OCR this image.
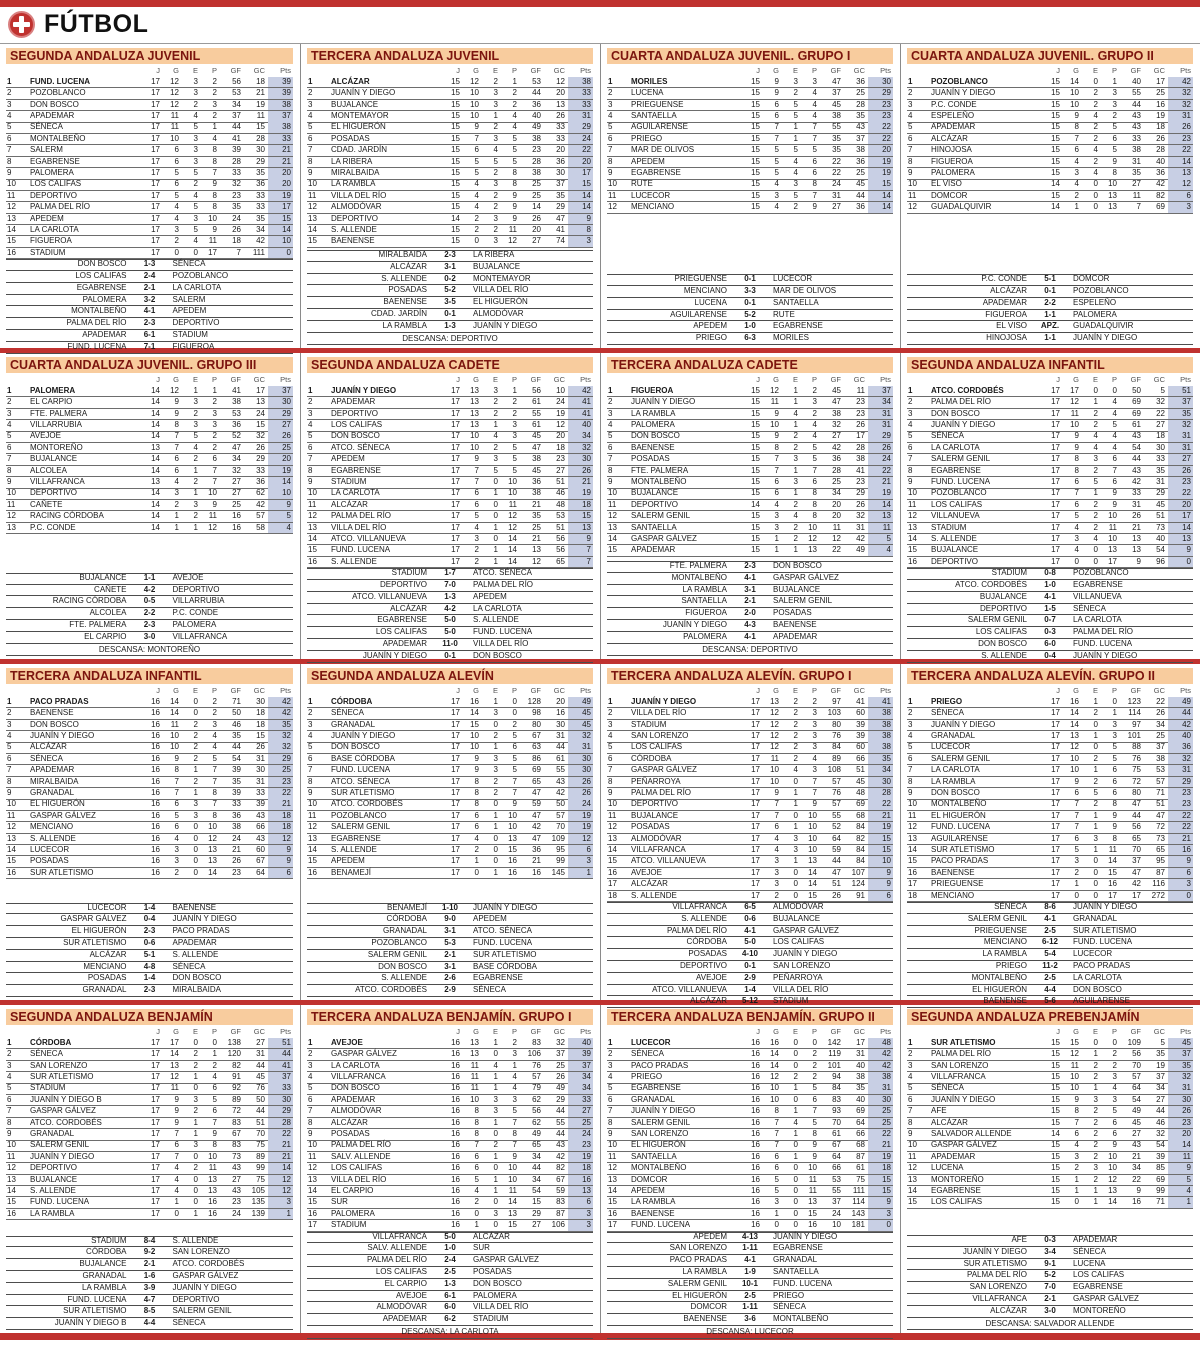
FÚTBOL
SEGUNDA ANDALUZA JUVENIL
J	G	E	P	GF	GC	Pts
1	FUND. LUCENA	17	12	3	2	56	18	39
2	POZOBLANCO	17	12	3	2	53	21	39
3	DON BOSCO	17	12	2	3	34	19	38
4	APADEMAR	17	11	4	2	37	11	37
5	SÉNECA	17	11	5	1	44	15	38
6	MONTALBEÑO	17	10	3	4	41	28	33
7	SALERM	17	6	3	8	39	30	21
8	EGABRENSE	17	6	3	8	28	29	21
9	PALOMERA	17	5	5	7	33	35	20
10	LOS CALIFAS	17	6	2	9	32	36	20
11	DEPORTIVO	17	5	4	8	23	33	19
12	PALMA DEL RÍO	17	4	5	8	35	33	17
13	APEDEM	17	4	3	10	24	35	15
14	LA CARLOTA	17	3	5	9	26	34	14
15	FIGUEROA	17	2	4	11	18	42	10
16	STADIUM	17	0	0	17	7	111	0
DON BOSCO	1-3	SÉNECA
LOS CALIFAS	2-4	POZOBLANCO
EGABRENSE	2-1	LA CARLOTA
PALOMERA	3-2	SALERM
MONTALBEÑO	4-1	APEDEM
PALMA DEL RÍO	2-3	DEPORTIVO
APADEMAR	6-1	STADIUM
FUND. LUCENA	7-1	FIGUEROA
TERCERA ANDALUZA JUVENIL
J	G	E	P	GF	GC	Pts
1	ALCÁZAR	15	12	2	1	53	12	38
2	JUANÍN Y DIEGO	15	10	3	2	44	20	33
3	BUJALANCE	15	10	3	2	36	13	33
4	MONTEMAYOR	15	10	1	4	40	26	31
5	EL HIGUERÓN	15	9	2	4	49	33	29
6	POSADAS	15	7	3	5	38	33	24
7	CDAD. JARDÍN	15	6	4	5	23	20	22
8	LA RIBERA	15	5	5	5	28	36	20
9	MIRALBAIDA	15	5	2	8	38	30	17
10	LA RAMBLA	15	4	3	8	25	37	15
11	VILLA DEL RÍO	15	4	2	9	25	35	14
12	ALMODÓVAR	15	4	2	9	14	29	14
13	DEPORTIVO	14	2	3	9	26	47	9
14	S. ALLENDE	15	2	2	11	20	41	8
15	BAENENSE	15	0	3	12	27	74	3
MIRALBAIDA	2-3	LA RIBERA
ALCÁZAR	3-1	BUJALANCE
S. ALLENDE	0-2	MONTEMAYOR
POSADAS	5-2	VILLA DEL RÍO
BAENENSE	3-5	EL HIGUERÓN
CDAD. JARDÍN	0-1	ALMODÓVAR
LA RAMBLA	1-3	JUANÍN Y DIEGO
DESCANSA: DEPORTIVO
CUARTA ANDALUZA JUVENIL. GRUPO I
J	G	E	P	GF	GC	Pts
1	MORILES	15	9	3	3	47	36	30
2	LUCENA	15	9	2	4	37	25	29
3	PRIEGUENSE	15	6	5	4	45	28	23
4	SANTAELLA	15	6	5	4	38	35	23
5	AGUILARENSE	15	7	1	7	55	43	22
6	PRIEGO	15	7	1	7	35	37	22
7	MAR DE OLIVOS	15	5	5	5	35	38	20
8	APEDEM	15	5	4	6	22	36	19
9	EGABRENSE	15	5	4	6	22	25	19
10	RUTE	15	4	3	8	24	45	15
11	LUCECOR	15	3	5	7	31	44	14
12	MENCIANO	15	4	2	9	27	36	14
PRIEGUENSE	0-1	LUCECOR
MENCIANO	3-3	MAR DE OLIVOS
LUCENA	0-1	SANTAELLA
AGUILARENSE	5-2	RUTE
APEDEM	1-0	EGABRENSE
PRIEGO	6-3	MORILES
CUARTA ANDALUZA JUVENIL. GRUPO II
J	G	E	P	GF	GC	Pts
1	POZOBLANCO	15	14	0	1	40	17	42
2	JUANÍN Y DIEGO	15	10	2	3	55	25	32
3	P.C. CONDE	15	10	2	3	44	16	32
4	ESPELEÑO	15	9	4	2	43	19	31
5	APADEMAR	15	8	2	5	43	18	26
6	ALCÁZAR	15	7	2	6	33	26	23
7	HINOJOSA	15	6	4	5	38	28	22
8	FIGUEROA	15	4	2	9	31	40	14
9	PALOMERA	15	3	4	8	35	36	13
10	EL VISO	14	4	0	10	27	42	12
11	DOMCOR	15	2	0	13	11	82	6
12	GUADALQUIVIR	14	1	0	13	7	69	3
P.C. CONDE	5-1	DOMCOR
ALCÁZAR	0-1	POZOBLANCO
APADEMAR	2-2	ESPELEÑO
FIGUEROA	1-1	PALOMERA
EL VISO	APZ.	GUADALQUIVIR
HINOJOSA	1-1	JUANÍN Y DIEGO
CUARTA ANDALUZA JUVENIL. GRUPO III
J	G	E	P	GF	GC	Pts
1	PALOMERA	14	12	1	1	41	17	37
2	EL CARPIO	14	9	3	2	38	13	30
3	FTE. PALMERA	14	9	2	3	53	24	29
4	VILLARRUBIA	14	8	3	3	36	15	27
5	AVEJOE	14	7	5	2	52	32	26
6	MONTOREÑO	13	7	4	2	47	26	25
7	BUJALANCE	14	6	2	6	34	29	20
8	ALCOLEA	14	6	1	7	32	33	19
9	VILLAFRANCA	13	4	2	7	27	36	14
10	DEPORTIVO	14	3	1	10	27	62	10
11	CAÑETE	14	2	3	9	25	42	9
12	RACING CÓRDOBA	14	1	2	11	16	57	5
13	P.C. CONDE	14	1	1	12	16	58	4
BUJALANCE	1-1	AVEJOE
CAÑETE	4-2	DEPORTIVO
RACING CÓRDOBA	0-5	VILLARRUBIA
ALCOLEA	2-2	P.C. CONDE
FTE. PALMERA	2-3	PALOMERA
EL CARPIO	3-0	VILLAFRANCA
DESCANSA: MONTOREÑO
SEGUNDA ANDALUZA CADETE
J	G	E	P	GF	GC	Pts
1	JUANÍN Y DIEGO	17	13	3	1	56	10	42
2	APADEMAR	17	13	2	2	61	24	41
3	DEPORTIVO	17	13	2	2	55	19	41
4	LOS CALIFAS	17	13	1	3	61	12	40
5	DON BOSCO	17	10	4	3	45	20	34
6	ATCO. SÉNECA	17	10	2	5	47	18	32
7	APEDEM	17	9	3	5	38	23	30
8	EGABRENSE	17	7	5	5	45	27	26
9	STADIUM	17	7	0	10	36	51	21
10	LA CARLOTA	17	6	1	10	38	46	19
11	ALCÁZAR	17	6	0	11	21	48	18
12	PALMA DEL RÍO	17	5	0	12	35	53	15
13	VILLA DEL RÍO	17	4	1	12	25	51	13
14	ATCO. VILLANUEVA	17	3	0	14	21	56	9
15	FUND. LUCENA	17	2	1	14	13	56	7
16	S. ALLENDE	17	2	1	14	12	65	7
STADIUM	1-7	ATCO. SÉNECA
DEPORTIVO	7-0	PALMA DEL RÍO
ATCO. VILLANUEVA	1-3	APEDEM
ALCÁZAR	4-2	LA CARLOTA
EGABRENSE	5-0	S. ALLENDE
LOS CALIFAS	5-0	FUND. LUCENA
APADEMAR	11-0	VILLA DEL RÍO
JUANÍN Y DIEGO	0-1	DON BOSCO
TERCERA ANDALUZA CADETE
J	G	E	P	GF	GC	Pts
1	FIGUEROA	15	12	1	2	45	11	37
2	JUANÍN Y DIEGO	15	11	1	3	47	23	34
3	LA RAMBLA	15	9	4	2	38	23	31
4	PALOMERA	15	10	1	4	32	26	31
5	DON BOSCO	15	9	2	4	27	17	29
6	BAENENSE	15	8	2	5	42	28	26
7	POSADAS	15	7	3	5	36	38	24
8	FTE. PALMERA	15	7	1	7	28	41	22
9	MONTALBEÑO	15	6	3	6	25	23	21
10	BUJALANCE	15	6	1	8	34	29	19
11	DEPORTIVO	14	4	2	8	20	26	14
12	SALERM GENIL	15	3	4	8	20	32	13
13	SANTAELLA	15	3	2	10	11	31	11
14	GASPAR GÁLVEZ	15	1	2	12	12	42	5
15	APADEMAR	15	1	1	13	22	49	4
FTE. PALMERA	2-3	DON BOSCO
MONTALBEÑO	4-1	GASPAR GÁLVEZ
LA RAMBLA	3-1	BUJALANCE
SANTAELLA	2-1	SALERM GENIL
FIGUEROA	2-0	POSADAS
JUANÍN Y DIEGO	4-3	BAENENSE
PALOMERA	4-1	APADEMAR
DESCANSA: DEPORTIVO
SEGUNDA ANDALUZA INFANTIL
J	G	E	P	GF	GC	Pts
1	ATCO. CORDOBÉS	17	17	0	0	50	5	51
2	PALMA DEL RÍO	17	12	1	4	69	32	37
3	DON BOSCO	17	11	2	4	69	22	35
4	JUANÍN Y DIEGO	17	10	2	5	61	27	32
5	SÉNECA	17	9	4	4	43	18	31
6	LA CARLOTA	17	9	4	4	54	30	31
7	SALERM GENIL	17	8	3	6	44	33	27
8	EGABRENSE	17	8	2	7	43	35	26
9	FUND. LUCENA	17	6	5	6	42	31	23
10	POZOBLANCO	17	7	1	9	33	29	22
11	LOS CALIFAS	17	6	2	9	31	45	20
12	VILLANUEVA	17	5	2	10	26	51	17
13	STADIUM	17	4	2	11	21	73	14
14	S. ALLENDE	17	3	4	10	13	40	13
15	BUJALANCE	17	4	0	13	13	54	9
16	DEPORTIVO	17	0	0	17	9	96	0
STADIUM	0-8	POZOBLANCO
ATCO. CORDOBÉS	1-0	EGABRENSE
BUJALANCE	4-1	VILLANUEVA
DEPORTIVO	1-5	SÉNECA
SALERM GENIL	0-7	LA CARLOTA
LOS CALIFAS	0-3	PALMA DEL RÍO
DON BOSCO	6-0	FUND. LUCENA
S. ALLENDE	0-4	JUANÍN Y DIEGO
TERCERA ANDALUZA INFANTIL
J	G	E	P	GF	GC	Pts
1	PACO PRADAS	16	14	0	2	71	30	42
2	BAENENSE	16	14	0	2	50	18	42
3	DON BOSCO	16	11	2	3	46	18	35
4	JUANÍN Y DIEGO	16	10	2	4	35	15	32
5	ALCÁZAR	16	10	2	4	44	26	32
6	SÉNECA	16	9	2	5	54	31	29
7	APADEMAR	16	8	1	7	39	30	25
8	MIRALBAIDA	16	7	2	7	35	31	23
9	GRANADAL	16	7	1	8	39	33	22
10	EL HIGUERÓN	16	6	3	7	33	39	21
11	GASPAR GÁLVEZ	16	5	3	8	36	43	18
12	MENCIANO	16	6	0	10	38	66	18
13	S. ALLENDE	16	4	0	12	24	43	12
14	LUCECOR	16	3	0	13	21	60	9
15	POSADAS	16	3	0	13	26	67	9
16	SUR ATLETISMO	16	2	0	14	23	64	6
LUCECOR	1-4	BAENENSE
GASPAR GÁLVEZ	0-4	JUANÍN Y DIEGO
EL HIGUERÓN	2-3	PACO PRADAS
SUR ATLETISMO	0-6	APADEMAR
ALCÁZAR	5-1	S. ALLENDE
MENCIANO	4-8	SÉNECA
POSADAS	1-4	DON BOSCO
GRANADAL	2-3	MIRALBAIDA
SEGUNDA ANDALUZA ALEVÍN
J	G	E	P	GF	GC	Pts
1	CÓRDOBA	17	16	1	0	128	20	49
2	SÉNECA	17	14	3	0	98	16	45
3	GRANADAL	17	15	0	2	80	30	45
4	JUANÍN Y DIEGO	17	10	2	5	67	31	32
5	DON BOSCO	17	10	1	6	63	44	31
6	BASE CÓRDOBA	17	9	3	5	86	61	30
7	FUND. LUCENA	17	9	3	5	69	55	30
8	ATCO. SÉNECA	17	8	2	7	65	43	26
9	SUR ATLETISMO	17	8	2	7	47	42	26
10	ATCO. CORDOBÉS	17	8	0	9	59	50	24
11	POZOBLANCO	17	6	1	10	47	57	19
12	SALERM GENIL	17	6	1	10	42	70	19
13	EGABRENSE	17	4	0	13	47	109	12
14	S. ALLENDE	17	2	0	15	36	95	6
15	APEDEM	17	1	0	16	21	99	3
16	BENAMEJÍ	17	0	1	16	16	145	1
BENAMEJÍ	1-10	JUANÍN Y DIEGO
CÓRDOBA	9-0	APEDEM
GRANADAL	3-1	ATCO. SÉNECA
POZOBLANCO	5-3	FUND. LUCENA
SALERM GENIL	2-1	SUR ATLETISMO
DON BOSCO	3-1	BASE CÓRDOBA
S. ALLENDE	2-6	EGABRENSE
ATCO. CORDOBÉS	2-9	SÉNECA
TERCERA ANDALUZA ALEVÍN. GRUPO I
J	G	E	P	GF	GC	Pts
1	JUANÍN Y DIEGO	17	13	2	2	97	41	41
2	VILLA DEL RÍO	17	12	2	3	103	60	38
3	STADIUM	17	12	2	3	80	39	38
4	SAN LORENZO	17	12	2	3	76	39	38
5	LOS CALIFAS	17	12	2	3	84	60	38
6	CÓRDOBA	17	11	2	4	89	66	35
7	GASPAR GÁLVEZ	17	10	4	3	108	51	34
8	PEÑARROYA	17	10	0	7	57	45	30
9	PALMA DEL RÍO	17	9	1	7	76	48	28
10	DEPORTIVO	17	7	1	9	57	69	22
11	BUJALANCE	17	7	0	10	55	68	21
12	POSADAS	17	6	1	10	52	84	19
13	ALMODÓVAR	17	4	3	10	64	82	15
14	VILLAFRANCA	17	4	3	10	59	84	15
15	ATCO. VILLANUEVA	17	3	1	13	44	84	10
16	AVEJOE	17	3	0	14	47	107	9
17	ALCÁZAR	17	3	0	14	51	124	9
18	S. ALLENDE	17	2	0	15	26	91	6
VILLAFRANCA	6-5	ALMODÓVAR
S. ALLENDE	0-6	BUJALANCE
PALMA DEL RÍO	4-1	GASPAR GÁLVEZ
CÓRDOBA	5-0	LOS CALIFAS
POSADAS	4-10	JUANÍN Y DIEGO
DEPORTIVO	0-1	SAN LORENZO
AVEJOE	2-9	PEÑARROYA
ATCO. VILLANUEVA	1-4	VILLA DEL RÍO
ALCÁZAR	5-12	STADIUM
TERCERA ANDALUZA ALEVÍN. GRUPO II
J	G	E	P	GF	GC	Pts
1	PRIEGO	17	16	1	0	123	22	49
2	SÉNECA	17	14	2	1	114	26	44
3	JUANÍN Y DIEGO	17	14	0	3	97	34	42
4	GRANADAL	17	13	1	3	101	25	40
5	LUCECOR	17	12	0	5	88	37	36
6	SALERM GENIL	17	10	2	5	76	38	32
7	LA CARLOTA	17	10	1	6	75	53	31
8	LA RAMBLA	17	9	2	6	72	57	29
9	DON BOSCO	17	6	5	6	80	71	23
10	MONTALBEÑO	17	7	2	8	47	51	23
11	EL HIGUERÓN	17	7	1	9	44	47	22
12	FUND. LUCENA	17	7	1	9	56	72	22
13	AGUILARENSE	17	6	3	8	65	73	21
14	SUR ATLETISMO	17	5	1	11	70	65	16
15	PACO PRADAS	17	3	0	14	37	95	9
16	BAENENSE	17	2	0	15	47	87	6
17	PRIEGUENSE	17	1	0	16	42	116	3
18	MENCIANO	17	0	0	17	17	272	0
SÉNECA	8-6	JUANÍN Y DIEGO
SALERM GENIL	4-1	GRANADAL
PRIEGUENSE	2-5	SUR ATLETISMO
MENCIANO	6-12	FUND. LUCENA
LA RAMBLA	5-4	LUCECOR
PRIEGO	11-2	PACO PRADAS
MONTALBEÑO	2-5	LA CARLOTA
EL HIGUERÓN	4-4	DON BOSCO
BAENENSE	5-6	AGUILARENSE
SEGUNDA ANDALUZA BENJAMÍN
J	G	E	P	GF	GC	Pts
1	CÓRDOBA	17	17	0	0	138	27	51
2	SÉNECA	17	14	2	1	120	31	44
3	SAN LORENZO	17	13	2	2	82	44	41
4	SUR ATLETISMO	17	12	1	4	91	45	37
5	STADIUM	17	11	0	6	92	76	33
6	JUANÍN Y DIEGO B	17	9	3	5	89	50	30
7	GASPAR GÁLVEZ	17	9	2	6	72	44	29
8	ATCO. CORDOBÉS	17	9	1	7	83	51	28
9	GRANADAL	17	7	1	9	67	70	22
10	SALERM GENIL	17	6	3	8	83	75	21
11	JUANÍN Y DIEGO	17	7	0	10	73	89	21
12	DEPORTIVO	17	4	2	11	43	99	14
13	BUJALANCE	17	4	0	13	27	75	12
14	S. ALLENDE	17	4	0	13	43	105	12
15	FUND. LUCENA	17	1	0	16	23	135	3
16	LA RAMBLA	17	0	1	16	24	139	1
STADIUM	8-4	S. ALLENDE
CÓRDOBA	9-2	SAN LORENZO
BUJALANCE	2-1	ATCO. CORDOBÉS
GRANADAL	1-6	GASPAR GÁLVEZ
LA RAMBLA	3-9	JUANÍN Y DIEGO
FUND. LUCENA	4-7	DEPORTIVO
SUR ATLETISMO	8-5	SALERM GENIL
JUANÍN Y DIEGO B	4-4	SÉNECA
TERCERA ANDALUZA BENJAMÍN. GRUPO I
J	G	E	P	GF	GC	Pts
1	AVEJOE	16	13	1	2	83	32	40
2	GASPAR GÁLVEZ	16	13	0	3	106	37	39
3	LA CARLOTA	16	11	4	1	76	25	37
4	VILLAFRANCA	16	11	1	4	57	26	34
5	DON BOSCO	16	11	1	4	79	49	34
6	APADEMAR	16	10	3	3	62	29	33
7	ALMODÓVAR	16	8	3	5	56	44	27
8	ALCÁZAR	16	8	1	7	62	55	25
9	POSADAS	16	8	0	8	49	44	24
10	PALMA DEL RÍO	16	7	2	7	65	43	23
11	SALV. ALLENDE	16	6	1	9	34	42	19
12	LOS CALIFAS	16	6	0	10	44	82	18
13	VILLA DEL RÍO	16	5	1	10	34	67	16
14	EL CARPIO	16	4	1	11	54	59	13
15	SUR	16	2	0	14	15	83	6
16	PALOMERA	16	0	3	13	29	87	3
17	STADIUM	16	1	0	15	27	106	3
VILLAFRANCA	5-0	ALCÁZAR
SALV. ALLENDE	1-0	SUR
PALMA DEL RÍO	2-4	GASPAR GÁLVEZ
LOS CALIFAS	2-5	POSADAS
EL CARPIO	1-3	DON BOSCO
AVEJOE	6-1	PALOMERA
ALMODÓVAR	6-0	VILLA DEL RÍO
APADEMAR	6-2	STADIUM
DESCANSA: LA CARLOTA
TERCERA ANDALUZA BENJAMÍN. GRUPO II
J	G	E	P	GF	GC	Pts
1	LUCECOR	16	16	0	0	142	17	48
2	SÉNECA	16	14	0	2	119	31	42
3	PACO PRADAS	16	14	0	2	101	40	42
4	PRIEGO	16	12	2	2	94	38	38
5	EGABRENSE	16	10	1	5	84	35	31
6	GRANADAL	16	10	0	6	83	40	30
7	JUANÍN Y DIEGO	16	8	1	7	93	69	25
8	SALERM GENIL	16	7	4	5	70	64	25
9	SAN LORENZO	16	7	1	8	61	66	22
10	EL HIGUERÓN	16	7	0	9	67	68	21
11	SANTAELLA	16	6	1	9	64	87	19
12	MONTALBEÑO	16	6	0	10	66	61	18
13	DOMCOR	16	5	0	11	53	75	15
14	APEDEM	16	5	0	11	55	111	15
15	LA RAMBLA	16	3	0	13	37	114	9
16	BAENENSE	16	1	0	15	24	143	3
17	FUND. LUCENA	16	0	0	16	10	181	0
APEDEM	4-13	JUANÍN Y DIEGO
SAN LORENZO	1-11	EGABRENSE
PACO PRADAS	4-1	GRANADAL
LA RAMBLA	1-9	SANTAELLA
SALERM GENIL	10-1	FUND. LUCENA
EL HIGUERÓN	2-5	PRIEGO
DOMCOR	1-11	SÉNECA
BAENENSE	3-6	MONTALBEÑO
DESCANSA: LUCECOR
SEGUNDA ANDALUZA PREBENJAMÍN
J	G	E	P	GF	GC	Pts
1	SUR ATLETISMO	15	15	0	0	109	5	45
2	PALMA DEL RÍO	15	12	1	2	56	35	37
3	SAN LORENZO	15	11	2	2	70	19	35
4	VILLAFRANCA	15	10	2	3	57	37	32
5	SÉNECA	15	10	1	4	64	34	31
6	JUANÍN Y DIEGO	15	9	3	3	54	27	30
7	AFE	15	8	2	5	49	44	26
8	ALCÁZAR	15	7	2	6	45	46	23
9	SALVADOR ALLENDE	14	6	2	6	27	32	20
10	GASPAR GÁLVEZ	15	4	2	9	43	54	14
11	APADEMAR	15	3	2	10	21	39	11
12	LUCENA	15	2	3	10	34	85	9
13	MONTOREÑO	15	1	2	12	22	69	5
14	EGABRENSE	15	1	1	13	9	99	4
15	LOS CALIFAS	15	0	1	14	16	71	1
AFE	0-3	APADEMAR
JUANÍN Y DIEGO	3-4	SÉNECA
SUR ATLETISMO	9-1	LUCENA
PALMA DEL RÍO	5-2	LOS CALIFAS
SAN LORENZO	7-0	EGABRENSE
VILLAFRANCA	2-1	GASPAR GÁLVEZ
ALCÁZAR	3-0	MONTOREÑO
DESCANSA: SALVADOR ALLENDE
